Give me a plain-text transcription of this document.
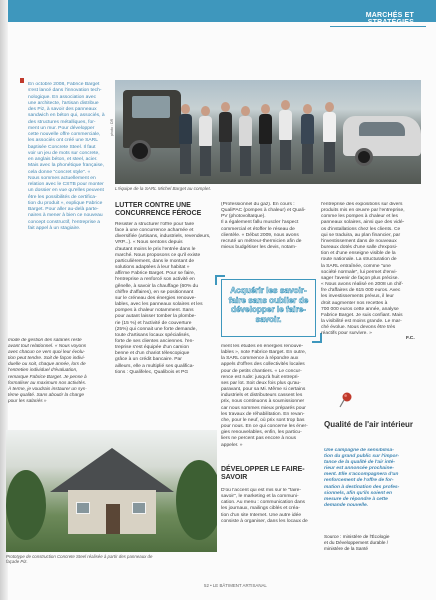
MARCHÉS ET STRATÉGIES
En octobre 2008, Fabrice Barget
s'est lancé dans l'innovation tech-
nologique. En association avec
une architecte, l'artisan distribue
des Piz, à savoir des panneaux
sandwich en béton qui, associés, à
des structures métalliques, for-
ment un mur. Pour développer
cette nouvelle offre commerciale,
les associés ont créé une SARL
baptisée Concrete Steel. Il faut
voir un jeu de mots sur concrete,
en anglais béton, et steel, acier.
Mais avec la phonétique française,
cela donne "concret style". «
Nous sommes actuellement en
relation avec le CSTB pour monter
un dossier en vue qu'elles peuvent
être les possibilités de certifica-
tion du produit », explique Fabrice
Barget. Pour aller au-delà parte-
naires à mener à bien ce nouveau
concept constructif, l'entreprise a
fait appel à un stagiaire.
photo : DR
L'équipe de la SARL Michel Barget au complet.
mode de gestion des salariés reste
avant tout relationnel. « Nous voyons
avec chacun ce vers quoi leur évolu-
tion peut tendre. Soit de façon indivi-
duelle ou soit, chaque année, lors de
l'entretien individuel d'évaluation,
remarque Fabrice Barget. Je pense à
formaliser au maximum nos activités.
À terme, je voudrais instaurer un sys-
tème qualité. Sans aboutir la charge
pour les salariés »
LUTTER CONTRE UNE CONCURRENCE FÉROCE
Résister à structurer l'offre pour faire
face à une concurrence acharnée et
diversifiée (artisans, industriels, revendeurs,
VRP...). « Nous sentons depuis
d'autant moins le prix l'entrée dans le
marché. Nous proposons ce qu'il existe
particulièrement, dans le montant de
solutions adaptées à leur habitat »
affirme Fabrice Barget. Pour se faire,
l'entreprise a renforcé son activité en
gênelle, à savoir la chauffage (60% du
chiffre d'affaires), en se positionnant
sur le créneau des énergies renouve-
lables, avec les panneaux solaires et les
pompes à chaleur notamment. Sans
pour autant laisser tomber la plombe-
rie (15 %) et l'activité de couverture
(25%) qui connait une forte demande,
toute d'artisans locaux spécialisés,
forte de ses clientes anciennes. l'en-
treprise s'est équipée d'un camion
benne et d'un chariot télescopique
grâce à un crédit bancaire. Par
ailleurs, elle a multiplié ses qualifica-
tions : Qualifelec, Qualibois et PG
(Professionnel du gaz). En cours :
QualiPAC (pompes à chaleur) et Quali-
PV (photovoltaïque).
Il a également fallu muscler l'aspect
commercial et étoffer le réseau de
clientèle. « Début 2009, nous avons
recruté un métreur-thermicien afin de
mieux budgétiser les devis, notam-
Acquérir les savoir-faire sans oublier de développer le faire-savoir.
ment les études en énergies renouve-
lables », note Fabrice Barget. En outre,
la SARL commence à répondre aux
appels d'offres des collectivités locales
pour de petits chantiers. « Le concur-
rence est rude: jusqu'à huit entrepri-
ses par lot. Soit deux fois plus qu'au-
paravant, pour sa Mi. Même si certains
industriels et distributeurs cassent les
prix, nous continuons à soumissionner
car nous sommes mieux préparés pour
les travaux de réhabilitation. En revan-
che, pour le neuf, où prix sont trop bas
pour nous. En ce qui concerne les éner-
gies renouvelables, enfin, les particu-
liers ne percent pas encore à nous
appeler. »
DÉVELOPPER LE FAIRE-SAVOIR
D'où l'accent qui est mis sur le "faire-
savoir", le marketing et la communi-
cation. Au menu : communication dans
les journaux, mailings ciblés et créa-
tion d'un site Internet. Une autre idée
consiste à organiser, dans les locaux de
l'entreprise des expositions sur divers
produits mis en œuvre par l'entreprise,
comme les pompes à chaleur et les
panneaux solaires, ainsi que des vidé-
os d'installations chez les clients. Ce
qui se traduira, au plan financier, par
l'investissement dans de nouveaux
bureaux dotés d'une salle d'exposi-
tion et d'une enseigne visible de la
route nationale. La structuration de
la SARL entraînée, comme "une
société normale", lui permet d'envi-
sager l'avenir de façon plus précise.
« Nous avons réalisé en 2008 un chif-
fre d'affaires de 615 000 euros. Avec
les investissements prévus, il leur
droit augmenter nos recettes à
700 000 euros cette année, analyse
Fabrice Barget. Je suis confiant. Mais
la visibilité est moins grande. Le mar-
ché évolue. Nous devons être très
réactifs pour survivre. »
F.C.
Qualité de l'air intérieur
Une campagne de sensibilisa-
tion du grand public sur l'impor-
tance de la qualité de l'air inté-
rieur est annoncée prochaine-
ment. Elle s'accompagnera d'un
renforcement de l'offre de for-
mation à destination des profes-
sionnels, afin qu'ils soient en
mesure de répondre à cette
demande nouvelle.
Source : ministère de l'Écologie
et du Développement durable /
ministère de la Santé
Prototype de construction Concrete Steel réalisée à partir des panneaux de
façade Piz.
52 • LE BÂTIMENT ARTISANAL
